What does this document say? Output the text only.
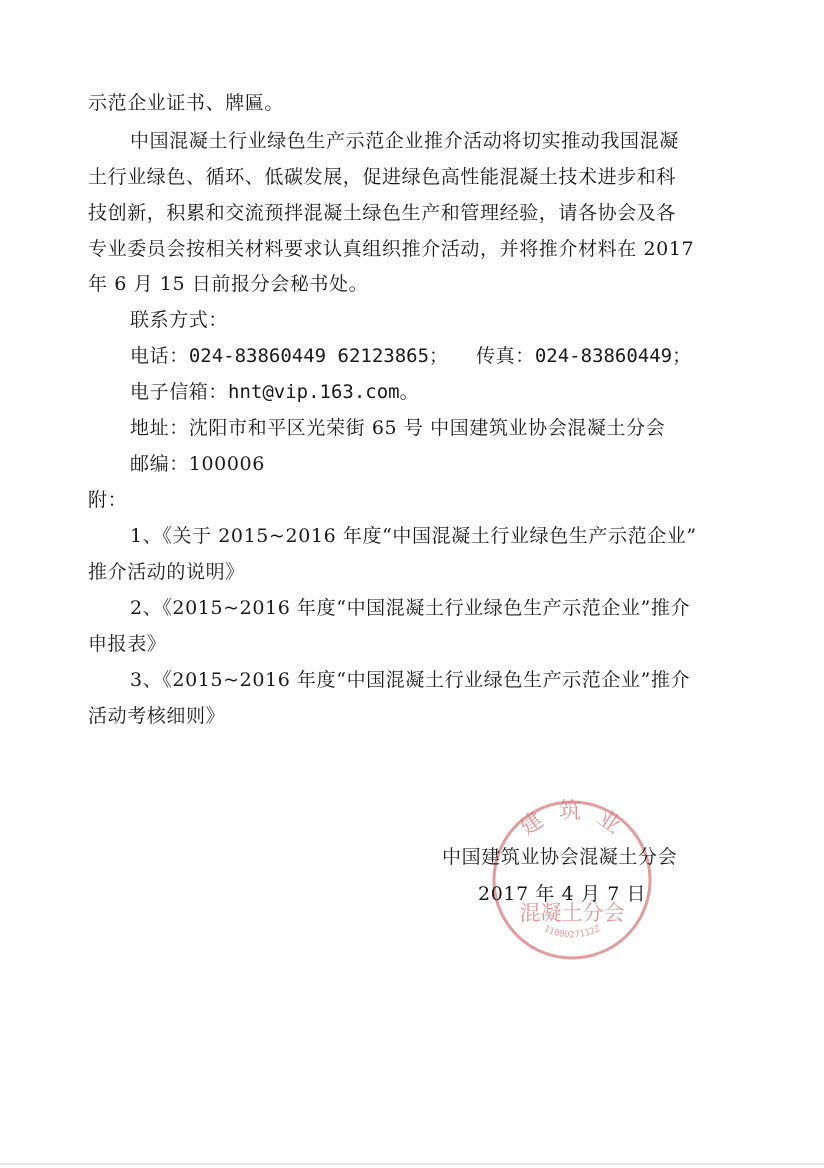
示范企业证书、牌匾。
中国混凝土行业绿色生产示范企业推介活动将切实推动我国混凝
土行业绿色、循环、低碳发展，促进绿色高性能混凝土技术进步和科
技创新，积累和交流预拌混凝土绿色生产和管理经验，请各协会及各
专业委员会按相关材料要求认真组织推介活动，并将推介材料在 2017
年 6 月 15 日前报分会秘书处。
联系方式：
电话：024-83860449 62123865； 传真：024-83860449；
电子信箱：hnt@vip.163.com。
地址：沈阳市和平区光荣街 65 号 中国建筑业协会混凝土分会
邮编：100006
附：
1、《关于 2015~2016 年度“中国混凝土行业绿色生产示范企业”
推介活动的说明》
2、《2015~2016 年度“中国混凝土行业绿色生产示范企业”推介
申报表》
3、《2015~2016 年度“中国混凝土行业绿色生产示范企业”推介
活动考核细则》
建 筑 业
混凝土分会
1100027112Z
中国建筑业协会混凝土分会
2017 年 4 月 7 日
